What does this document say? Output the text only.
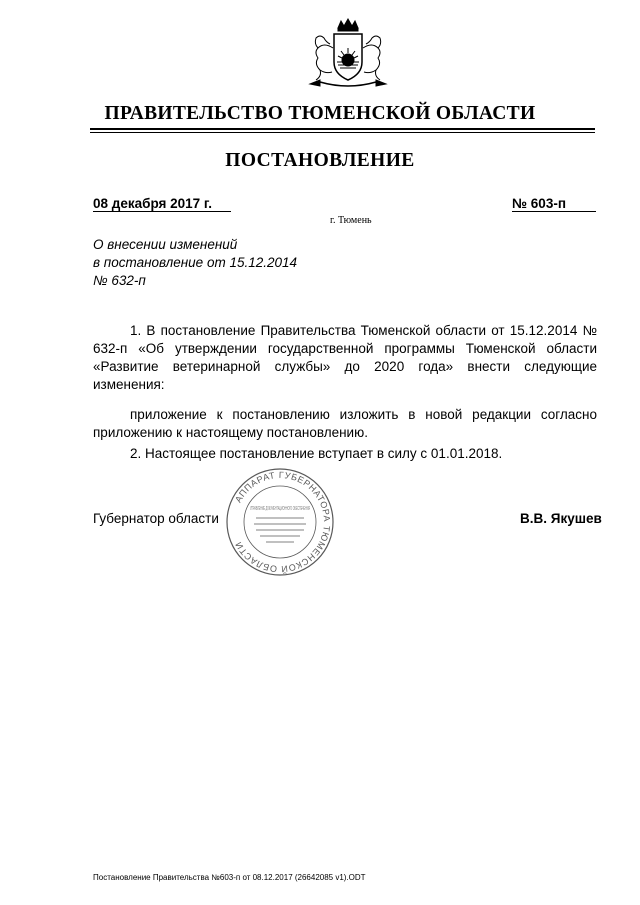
ПРАВИТЕЛЬСТВО ТЮМЕНСКОЙ ОБЛАСТИ
ПОСТАНОВЛЕНИЕ
08 декабря 2017 г.	№ 603-п
г. Тюмень
О внесении изменений
в постановление от 15.12.2014
№ 632-п
1. В постановление Правительства Тюменской области от 15.12.2014 № 632-п «Об утверждении государственной программы Тюменской области «Развитие ветеринарной службы» до 2020 года» внести следующие изменения:
приложение к постановлению изложить в новой редакции согласно приложению к настоящему постановлению.
2. Настоящее постановление вступает в силу с 01.01.2018.
Губернатор области	В.В. Якушев
АППАРАТ ГУБЕРНАТОРА ТЮМЕНСКОЙ ОБЛАСТИ
УПРАВЛЕНИЕ ДОКУМЕНТАЦИОННОГО ОБЕСПЕЧЕНИЯ
Постановление Правительства №603-п от 08.12.2017 (26642085 v1).ODT
